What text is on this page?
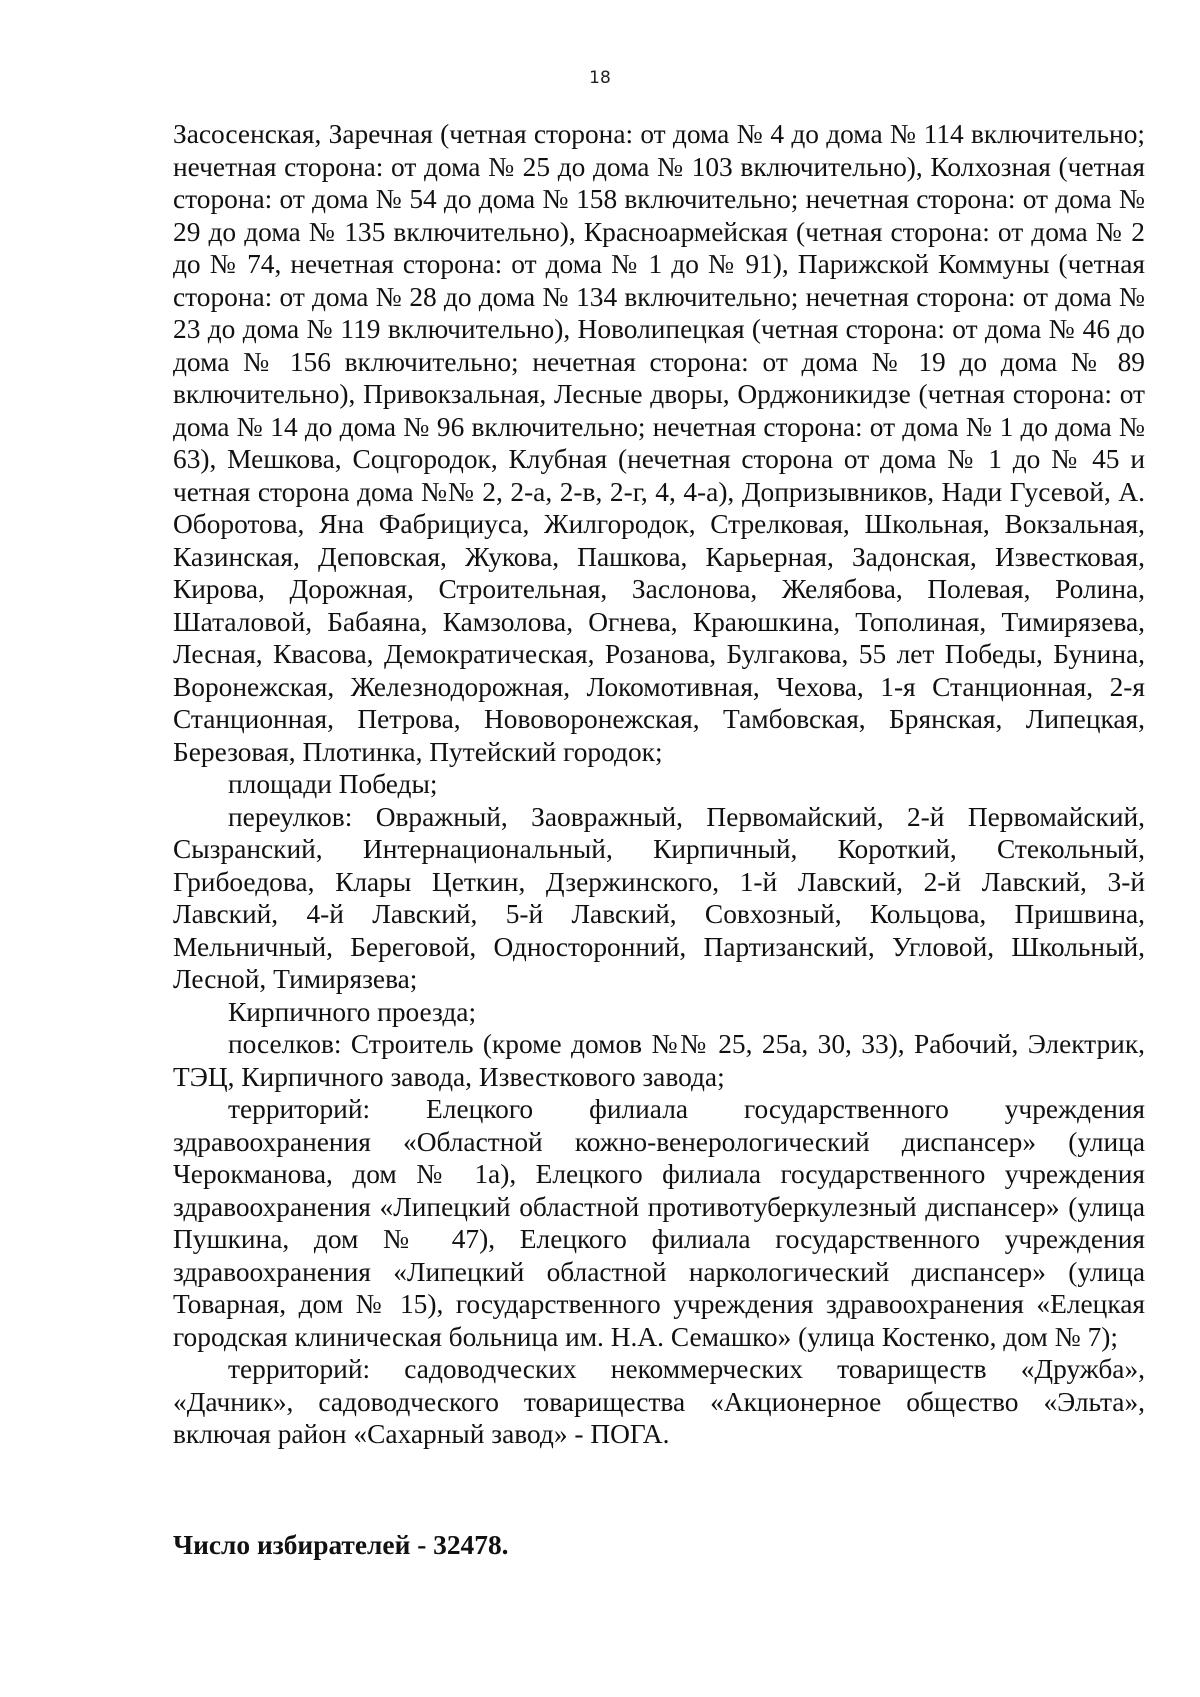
18

Засосенская, Заречная (четная сторона: от дома № 4 до дома № 114 включительно; нечетная сторона: от дома № 25 до дома № 103 включительно), Колхозная (четная сторона: от дома № 54 до дома № 158 включительно; нечетная сторона: от дома № 29 до дома № 135 включительно), Красноармейская (четная сторона: от дома № 2 до № 74, нечетная сторона: от дома № 1 до № 91), Парижской Коммуны (четная сторона: от дома № 28 до дома № 134 включительно; нечетная сторона: от дома № 23 до дома № 119 включительно), Новолипецкая (четная сторона: от дома № 46 до дома № 156 включительно; нечетная сторона: от дома № 19 до дома № 89 включительно), Привокзальная, Лесные дворы, Орджоникидзе (четная сторона: от дома № 14 до дома № 96 включительно; нечетная сторона: от дома № 1 до дома № 63), Мешкова, Соцгородок, Клубная (нечетная сторона от дома № 1 до № 45 и четная сторона дома №№ 2, 2-а, 2-в, 2-г, 4, 4-а), Допризывников, Нади Гусевой, А. Оборотова, Яна Фабрициуса, Жилгородок, Стрелковая, Школьная, Вокзальная, Казинская, Деповская, Жукова, Пашкова, Карьерная, Задонская, Известковая, Кирова, Дорожная, Строительная, Заслонова, Желябова, Полевая, Ролина, Шаталовой, Бабаяна, Камзолова, Огнева, Краюшкина, Тополиная, Тимирязева, Лесная, Квасова, Демократическая, Розанова, Булгакова, 55 лет Победы, Бунина, Воронежская, Железнодорожная, Локомотивная, Чехова, 1-я Станционная, 2-я Станционная, Петрова, Нововоронежская, Тамбовская, Брянская, Липецкая, Березовая, Плотинка, Путейский городок;

площади Победы;

переулков: Овражный, Заовражный, Первомайский, 2-й Первомайский, Сызранский, Интернациональный, Кирпичный, Короткий, Стекольный, Грибоедова, Клары Цеткин, Дзержинского, 1-й Лавский, 2-й Лавский, 3-й Лавский, 4-й Лавский, 5-й Лавский, Совхозный, Кольцова, Пришвина, Мельничный, Береговой, Односторонний, Партизанский, Угловой, Школьный, Лесной, Тимирязева;

Кирпичного проезда;

поселков: Строитель (кроме домов №№ 25, 25а, 30, 33), Рабочий, Электрик, ТЭЦ, Кирпичного завода, Известкового завода;

территорий: Елецкого филиала государственного учреждения здравоохранения «Областной кожно-венерологический диспансер» (улица Черокманова, дом № 1а), Елецкого филиала государственного учреждения здравоохранения «Липецкий областной противотуберкулезный диспансер» (улица Пушкина, дом № 47), Елецкого филиала государственного учреждения здравоохранения «Липецкий областной наркологический диспансер» (улица Товарная, дом № 15), государственного учреждения здравоохранения «Елецкая городская клиническая больница им. Н.А. Семашко» (улица Костенко, дом № 7);

территорий: садоводческих некоммерческих товариществ «Дружба», «Дачник», садоводческого товарищества «Акционерное общество «Эльта», включая район «Сахарный завод» - ПОГА.

Число избирателей - 32478.
